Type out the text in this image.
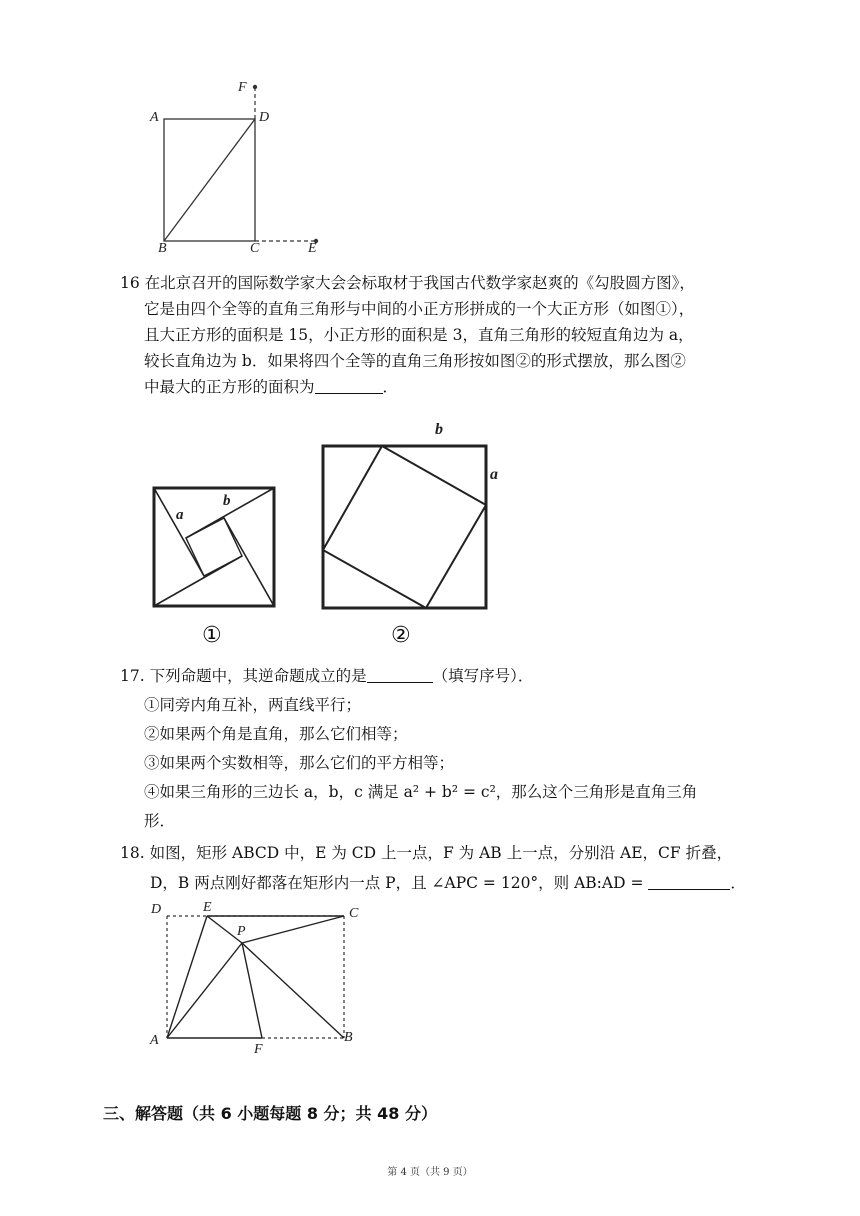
F
A	D
B	C	E
16 在北京召开的国际数学家大会会标取材于我国古代数学家赵爽的《勾股圆方图》，
它是由四个全等的直角三角形与中间的小正方形拼成的一个大正方形（如图①），
且大正方形的面积是 15，小正方形的面积是 3，直角三角形的较短直角边为 a，
较长直角边为 b．如果将四个全等的直角三角形按如图②的形式摆放，那么图②
中最大的正方形的面积为	．
a
b
①
b
a
②
17. 下列命题中，其逆命题成立的是	（填写序号）．
①同旁内角互补，两直线平行；
②如果两个角是直角，那么它们相等；
③如果两个实数相等，那么它们的平方相等；
④如果三角形的三边长 a，b，c 满足 a² + b² = c²，那么这个三角形是直角三角
形．
18. 如图，矩形 ABCD 中，E 为 CD 上一点，F 为 AB 上一点，分别沿 AE，CF 折叠，
D，B 两点刚好都落在矩形内一点 P，且 ∠APC = 120°，则 AB:AD =	．
D	E	C
P
A
F
B
三、解答题（共 6 小题每题 8 分；共 48 分）
第 4 页（共 9 页）
